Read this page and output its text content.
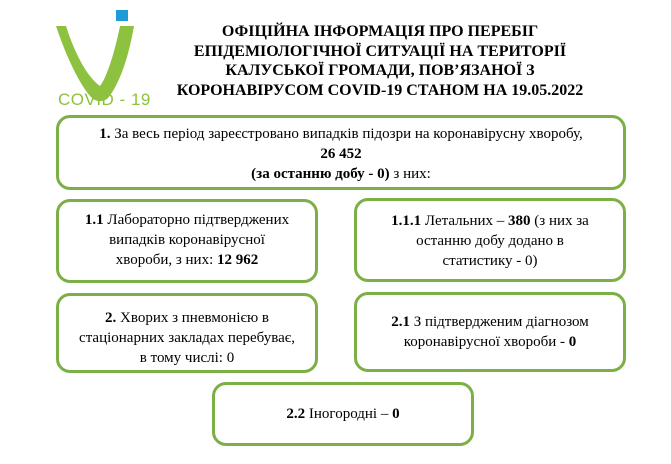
COVID - 19
ОФІЦІЙНА ІНФОРМАЦІЯ ПРО ПЕРЕБІГ
ЕПІДЕМІОЛОГІЧНОЇ СИТУАЦІЇ НА ТЕРИТОРІЇ
КАЛУСЬКОЇ ГРОМАДИ, ПОВ’ЯЗАНОЇ З
КОРОНАВІРУСОМ COVID-19 СТАНОМ НА 19.05.2022
1. За весь період зареєстровано випадків підозри на коронавірусну хворобу,
26 452
(за останню добу - 0) з них:
1.1 Лабораторно підтверджених
випадків коронавірусної
хвороби, з них: 12 962
1.1.1 Летальних – 380 (з них за
останню добу додано в
статистику - 0)
2. Хворих з пневмонією в
стаціонарних закладах перебуває,
в тому числі: 0
2.1 З підтвердженим діагнозом
коронавірусної хвороби - 0
2.2 Іногородні – 0
